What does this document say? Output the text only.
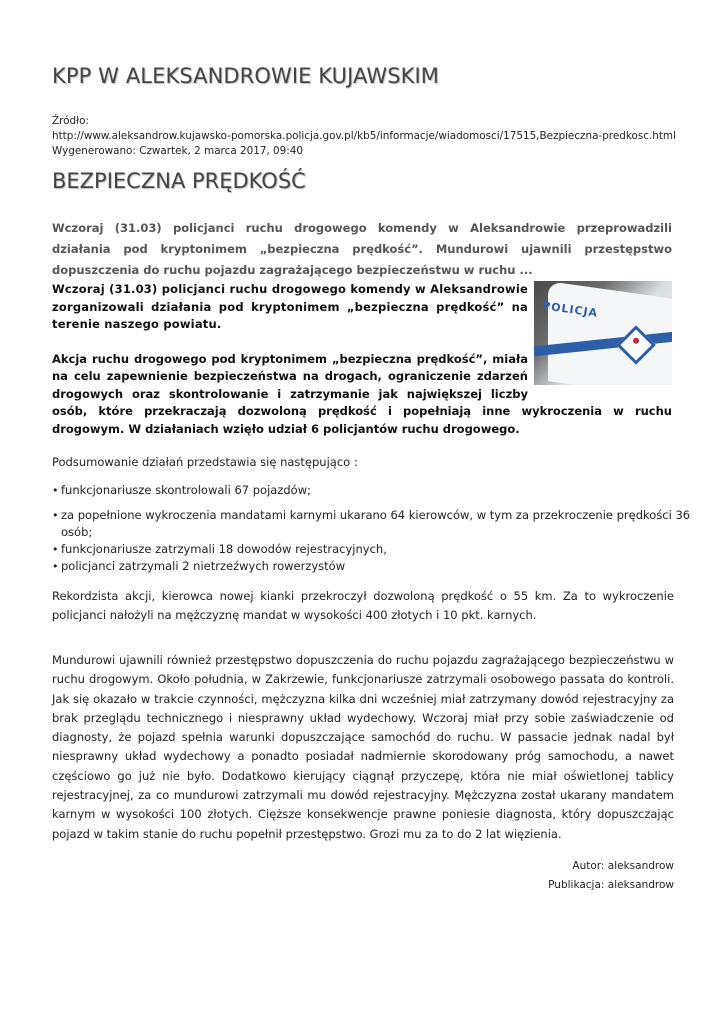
KPP W ALEKSANDROWIE KUJAWSKIM
Źródło:
http://www.aleksandrow.kujawsko-pomorska.policja.gov.pl/kb5/informacje/wiadomosci/17515,Bezpieczna-predkosc.html
Wygenerowano: Czwartek, 2 marca 2017, 09:40
BEZPIECZNA PRĘDKOŚĆ

Wczoraj (31.03) policjanci ruchu drogowego komendy w Aleksandrowie przeprowadzili działania pod kryptonimem „bezpieczna prędkość”. Mundurowi ujawnili przestępstwo dopuszczenia do ruchu pojazdu zagrażającego bezpieczeństwu w ruchu ...

POLICJA

Wczoraj (31.03) policjanci ruchu drogowego komendy w Aleksandrowie zorganizowali działania pod kryptonimem „bezpieczna prędkość” na terenie naszego powiatu.

Akcja ruchu drogowego pod kryptonimem „bezpieczna prędkość”, miała na celu zapewnienie bezpieczeństwa na drogach, ograniczenie zdarzeń drogowych oraz skontrolowanie i zatrzymanie jak największej liczby osób, które przekraczają dozwoloną prędkość i popełniają inne wykroczenia w ruchu drogowym. W działaniach wzięło udział 6 policjantów ruchu drogowego.

Podsumowanie działań przedstawia się następująco :

• funkcjonariusze skontrolowali 67 pojazdów;
• za popełnione wykroczenia mandatami karnymi ukarano 64 kierowców, w tym za przekroczenie prędkości 36 osób;
• funkcjonariusze zatrzymali 18 dowodów rejestracyjnych,
• policjanci zatrzymali 2 nietrzeźwych rowerzystów

Rekordzista akcji, kierowca nowej kianki przekroczył dozwoloną prędkość o 55 km. Za to wykroczenie policjanci nałożyli na mężczyznę mandat w wysokości 400 złotych i 10 pkt. karnych.

Mundurowi ujawnili również przestępstwo dopuszczenia do ruchu pojazdu zagrażającego bezpieczeństwu w ruchu drogowym. Około południa, w Zakrzewie, funkcjonariusze zatrzymali osobowego passata do kontroli. Jak się okazało w trakcie czynności, mężczyzna kilka dni wcześniej miał zatrzymany dowód rejestracyjny za brak przeglądu technicznego i niesprawny układ wydechowy. Wczoraj miał przy sobie zaświadczenie od diagnosty, że pojazd spełnia warunki dopuszczające samochód do ruchu. W passacie jednak nadal był niesprawny układ wydechowy a ponadto posiadał nadmiernie skorodowany próg samochodu, a nawet częściowo go już nie było. Dodatkowo kierujący ciągnął przyczepę, która nie miał oświetlonej tablicy rejestracyjnej, za co mundurowi zatrzymali mu dowód rejestracyjny. Mężczyzna został ukarany mandatem karnym w wysokości 100 złotych. Cięższe konsekwencje prawne poniesie diagnosta, który dopuszczając pojazd w takim stanie do ruchu popełnił przestępstwo. Grozi mu za to do 2 lat więzienia.

Autor: aleksandrow
Publikacja: aleksandrow
